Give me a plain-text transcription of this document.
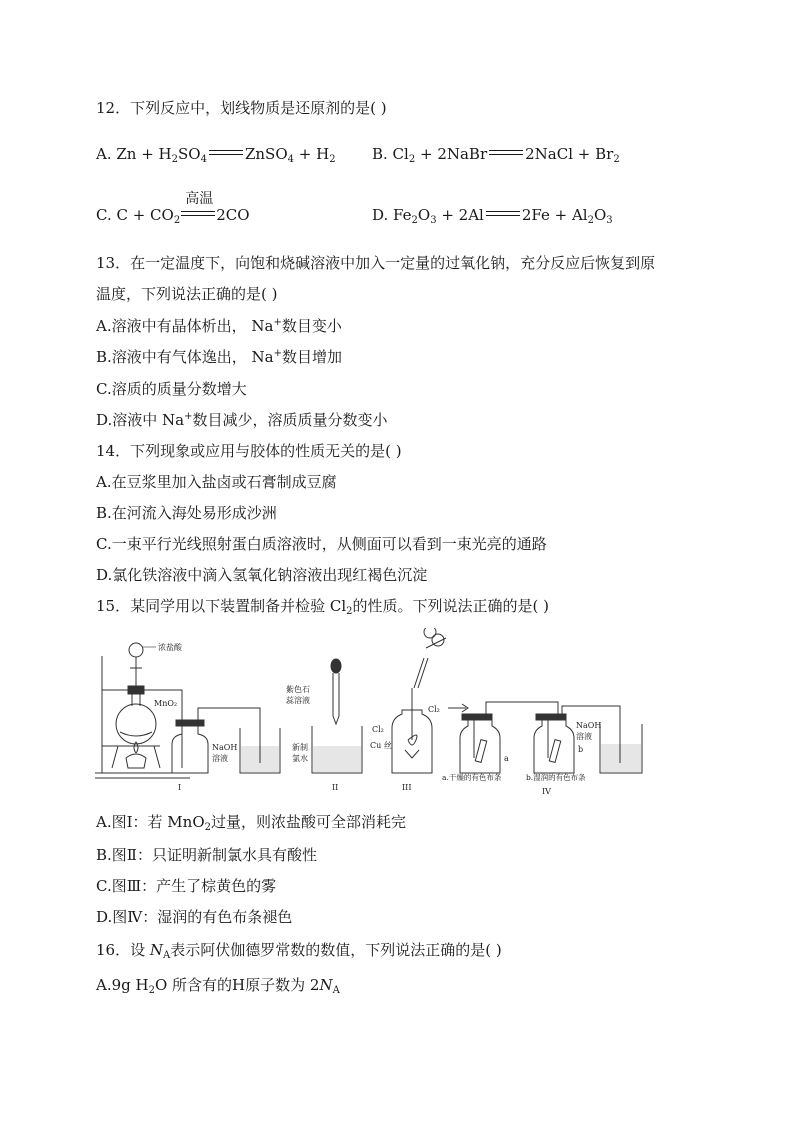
12．下列反应中，划线物质是还原剂的是( )
A. $Zn + H_2SO_4$	ZnSO$_4$ + $H_2$ B. $Cl_2$ + 2NaBr	2NaCl + $Br_2$
C. $C + CO_2$
高温
2CO	D. $Fe_2O_3 + 2Al$	$2Fe + Al_2O_3$
13．在一定温度下，向饱和烧碱溶液中加入一定量的过氧化钠，充分反应后恢复到原
温度，下列说法正确的是( )
A.溶液中有晶体析出， Na+数目变小
B.溶液中有气体逸出， Na+数目增加
C.溶质的质量分数增大
D.溶液中 Na+数目减少，溶质质量分数变小
14．下列现象或应用与胶体的性质无关的是( )
A.在豆浆里加入盐卤或石膏制成豆腐
B.在河流入海处易形成沙洲
C.一束平行光线照射蛋白质溶液时，从侧面可以看到一束光亮的通路
D.氯化铁溶液中滴入氢氧化钠溶液出现红褐色沉淀
15．某同学用以下装置制备并检验 $Cl_2$的性质。下列说法正确的是( )
浓盐酸
MnO₂
NaOH
溶液
I
紫色石
蕊溶液
新制
氯水
II
Cl₂
Cu 丝
III
Cl₂
a
b
NaOH
溶液
a.干燥的有色布条	b.湿润的有色布条
IV
A.图Ⅰ：若 MnO$_2$过量，则浓盐酸可全部消耗完
B.图Ⅱ：只证明新制氯水具有酸性
C.图Ⅲ：产生了棕黄色的雾
D.图Ⅳ：湿润的有色布条褪色
16．设 $N_A$表示阿伏伽德罗常数的数值，下列说法正确的是( )
A.9g $H_2O$ 所含有的H原子数为 $2N_A$
